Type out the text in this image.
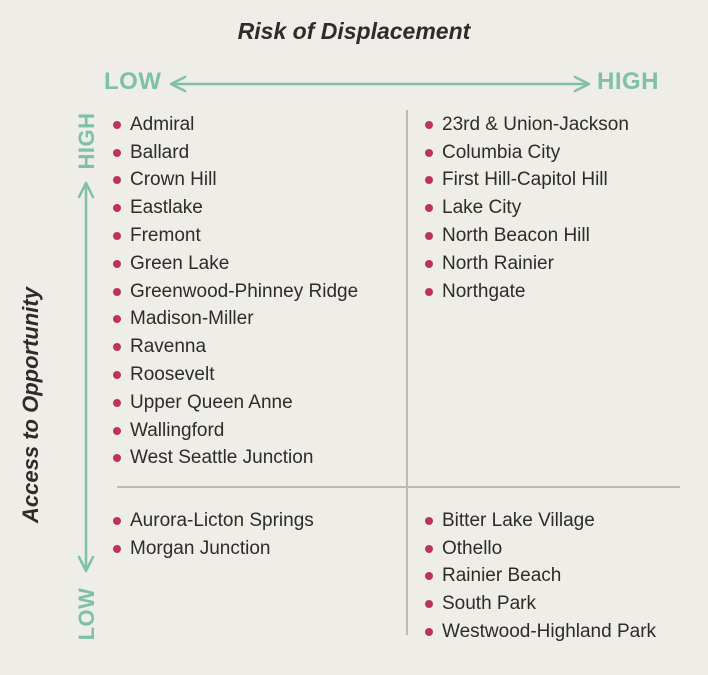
Risk of Displacement
LOW	HIGH
Access to Opportunity
HIGH
LOW
Admiral
Ballard
Crown Hill
Eastlake
Fremont
Green Lake
Greenwood-Phinney Ridge
Madison-Miller
Ravenna
Roosevelt
Upper Queen Anne
Wallingford
West Seattle Junction
23rd & Union-Jackson
Columbia City
First Hill-Capitol Hill
Lake City
North Beacon Hill
North Rainier
Northgate
Aurora-Licton Springs
Morgan Junction
Bitter Lake Village
Othello
Rainier Beach
South Park
Westwood-Highland Park
